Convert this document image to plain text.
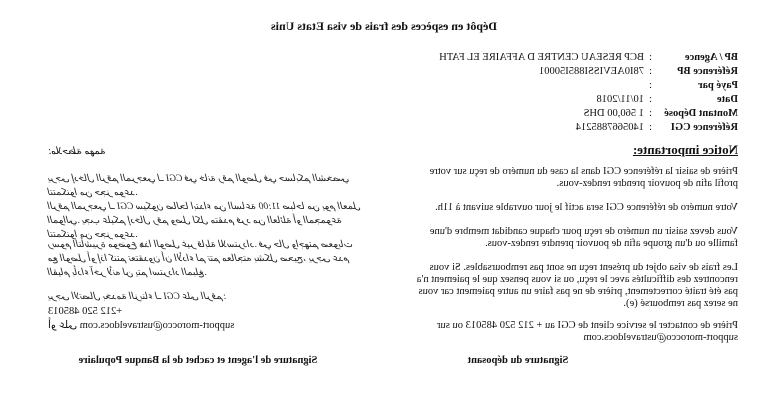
Dépôt en espèces des frais de visa Etats Unis
BP / Agence
:
BCP RESEAU CENTRE D AFFAIRE EL FATH
Référence BP
:
78I0AEVISSI885I50001
Payé par
:
Date
:
10/11/2018
Montant Déposé
:
1 560,00 DHS
Référence CGI
:
1405667885214
Notice importante:
Prière de saisir la référence CGI dans la case du numéro de reçu sur votre profil afin de pouvoir prendre rendez-vous.
Votre numéro de référence CGI sera actif le jour ouvrable suivant à 11h.
Vous devez saisir un numéro de reçu pour chaque candidat membre d'une famille ou d'un groupe afin de pouvoir prendre rendez-vous.
Les frais de visa objet du présent reçu ne sont pas remboursables. Si vous rencontrez des difficultés avec le reçu, ou si vous pensez que le paiement n'a pas été traité correctement, prière de ne pas faire un autre paiement car vous ne serez pas remboursé (e).
Prière de contacter le service client de CGI au + 212 520 485013 ou sur support-morocco@ustraveldocs.com
ملاحظة مهمة:
يرجى إدخال الرقم المرجعي لـ CGI في خانة رقم الوصل في حسابكم الشخصي لتتمكنوا من حجز موعد.
الرقم المرجعي لـ CGI سيكون صالحا ابتداء من الساعة 11:00 صباحا من يوم العمل الموالي. يجب عليكم إدخال رقم وصل لكل متقدم فرد من العائلة أو المجموعة لتتمكنوا من حجز موعد.
رسوم التأشيرة موضوع هذا الوصل غير قابلة للاسترداد. في حال واجهتم صعوبات مع الوصل أو إذا كنتم تعتقدون أن الأداء لم تتم معالجته بشكل صحيح، يرجى عدم القيام بأداء آخر لأنه لن يتم استرداد المبلغ.
يرجى الاتصال بخدمة الزبناء لـ CGI على الرقم:
+212 520 485013
أو على support-morocco@ustraveldocs.com
Signature du déposant
Signature de l'agent et cachet de la Banque Populaire
